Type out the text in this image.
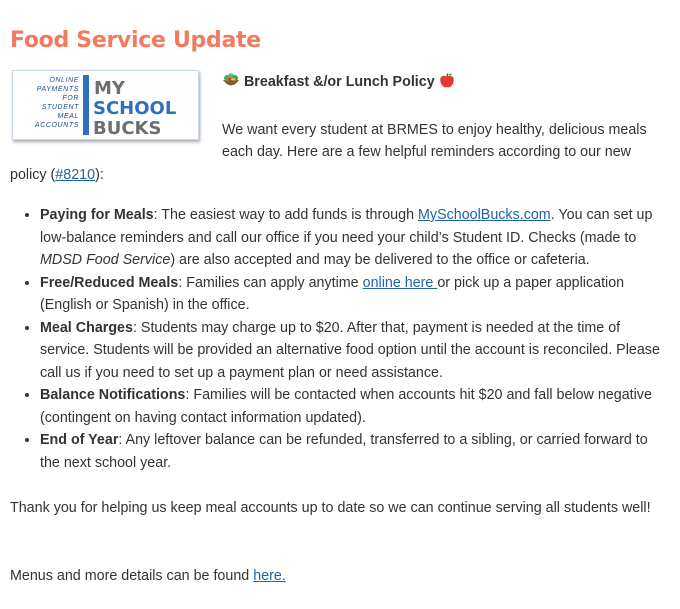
Food Service Update
ONLINE
PAYMENTS
FOR
STUDENT
MEAL
ACCOUNTS
MY
SCHOOL
BUCKS

Breakfast &/or Lunch Policy

We want every student at BRMES to enjoy healthy, delicious meals each day. Here are a few helpful reminders according to our new policy (#8210):

• Paying for Meals: The easiest way to add funds is through MySchoolBucks.com. You can set up low-balance reminders and call our office if you need your child’s Student ID. Checks (made to MDSD Food Service) are also accepted and may be delivered to the office or cafeteria.
• Free/Reduced Meals: Families can apply anytime online here or pick up a paper application (English or Spanish) in the office.
• Meal Charges: Students may charge up to $20. After that, payment is needed at the time of service. Students will be provided an alternative food option until the account is reconciled. Please call us if you need to set up a payment plan or need assistance.
• Balance Notifications: Families will be contacted when accounts hit $20 and fall below negative (contingent on having contact information updated).
• End of Year: Any leftover balance can be refunded, transferred to a sibling, or carried forward to the next school year.

Thank you for helping us keep meal accounts up to date so we can continue serving all students well!

Menus and more details can be found here.
